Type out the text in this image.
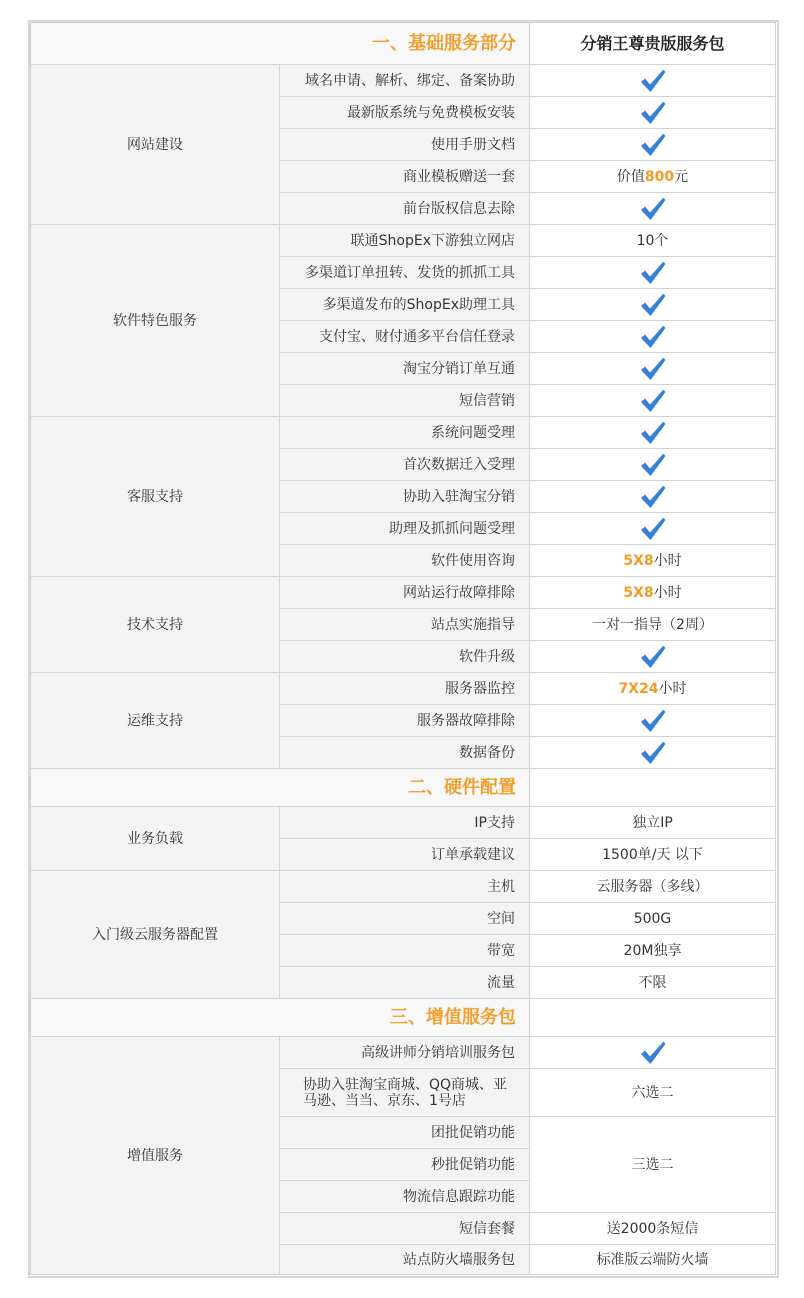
一、基础服务部分		分销王尊贵版服务包
网站建设	域名申请、解析、绑定、备案协助	
	最新版系统与免费模板安装	
	使用手册文档	
	商业模板赠送一套	价值800元
	前台版权信息去除	
软件特色服务	联通ShopEx下游独立网店	10个
	多渠道订单扭转、发货的抓抓工具	
	多渠道发布的ShopEx助理工具	
	支付宝、财付通多平台信任登录	
	淘宝分销订单互通	
	短信营销	
客服支持	系统问题受理	
	首次数据迁入受理	
	协助入驻淘宝分销	
	助理及抓抓问题受理	
	软件使用咨询	5X8小时
技术支持	网站运行故障排除	5X8小时
	站点实施指导	一对一指导（2周）
	软件升级	
运维支持	服务器监控	7X24小时
	服务器故障排除	
	数据备份	
二、硬件配置		
业务负载	IP支持	独立IP
	订单承载建议	1500单/天 以下
入门级云服务器配置	主机	云服务器（多线）
	空间	500G
	带宽	20M独享
	流量	不限
三、增值服务包		
增值服务	高级讲师分销培训服务包	
	协助入驻淘宝商城、QQ商城、亚马逊、当当、京东、1号店	六选二
	团批促销功能	三选二
	秒批促销功能	
	物流信息跟踪功能	
	短信套餐	送2000条短信
	站点防火墙服务包	标准版云端防火墙
